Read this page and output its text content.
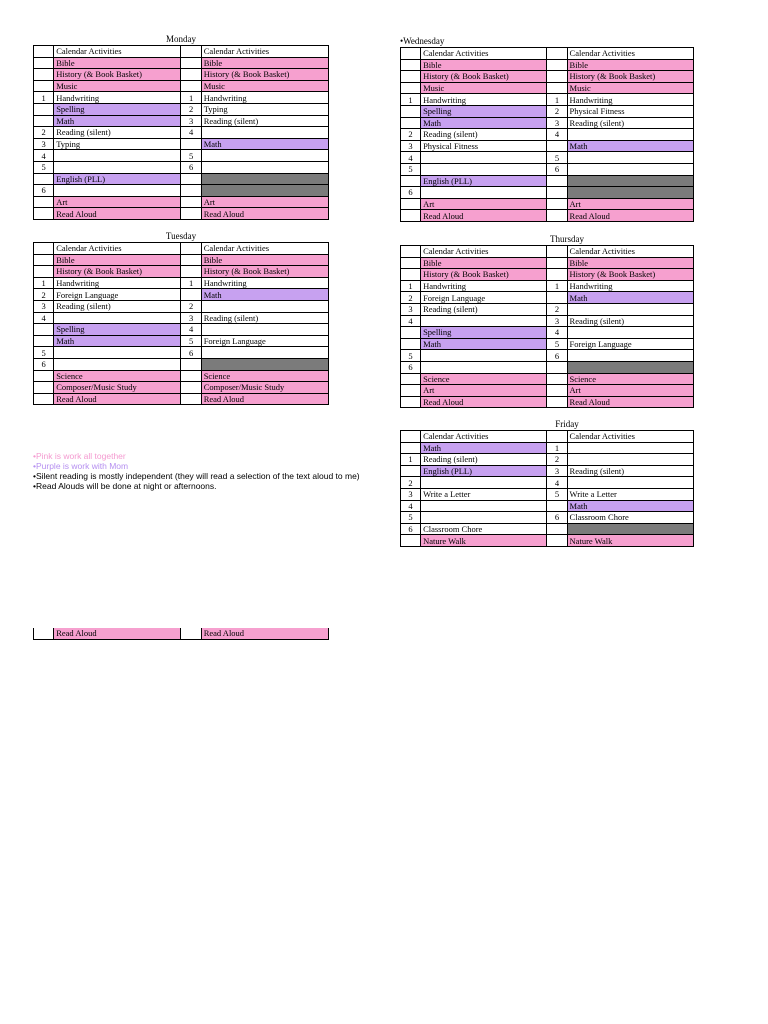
Monday
	Calendar Activities		Calendar Activities
	Bible		Bible
	History (& Book Basket)		History (& Book Basket)
	Music		Music
1	Handwriting	1	Handwriting
	Spelling	2	Typing
	Math	3	Reading (silent)
2	Reading (silent)	4	
3	Typing		Math
4		5	
5		6	
	English (PLL)		
6			
	Art		Art
	Read Aloud		Read Aloud
Tuesday
	Calendar Activities		Calendar Activities
	Bible		Bible
	History (& Book Basket)		History (& Book Basket)
1	Handwriting	1	Handwriting
2	Foreign Language		Math
3	Reading (silent)	2	
4		3	Reading (silent)
	Spelling	4	
	Math	5	Foreign Language
5		6	
6			
	Science		Science
	Composer/Music Study		Composer/Music Study
	Read Aloud		Read Aloud
•Wednesday
	Calendar Activities		Calendar Activities
	Bible		Bible
	History (& Book Basket)		History (& Book Basket)
	Music		Music
1	Handwriting	1	Handwriting
	Spelling	2	Physical Fitness
	Math	3	Reading (silent)
2	Reading (silent)	4	
3	Physical Fitness		Math
4		5	
5		6	
	English (PLL)		
6			
	Art		Art
	Read Aloud		Read Aloud
Thursday
	Calendar Activities		Calendar Activities
	Bible		Bible
	History (& Book Basket)		History (& Book Basket)
1	Handwriting	1	Handwriting
2	Foreign Language		Math
3	Reading (silent)	2	
4		3	Reading (silent)
	Spelling	4	
	Math	5	Foreign Language
5		6	
6			
	Science		Science
	Art		Art
	Read Aloud		Read Aloud
Friday
	Calendar Activities		Calendar Activities
	Math	1	
1	Reading (silent)	2	
	English (PLL)	3	Reading (silent)
2		4	
3	Write a Letter	5	Write a Letter
4			Math
5		6	Classroom Chore
6	Classroom Chore		
	Nature Walk		Nature Walk
•Pink is work all together
•Purple is work with Mom
•Silent reading is mostly independent (they will read a selection of the text aloud to me)
•Read Alouds will be done at night or afternoons.
	Read Aloud		Read Aloud
